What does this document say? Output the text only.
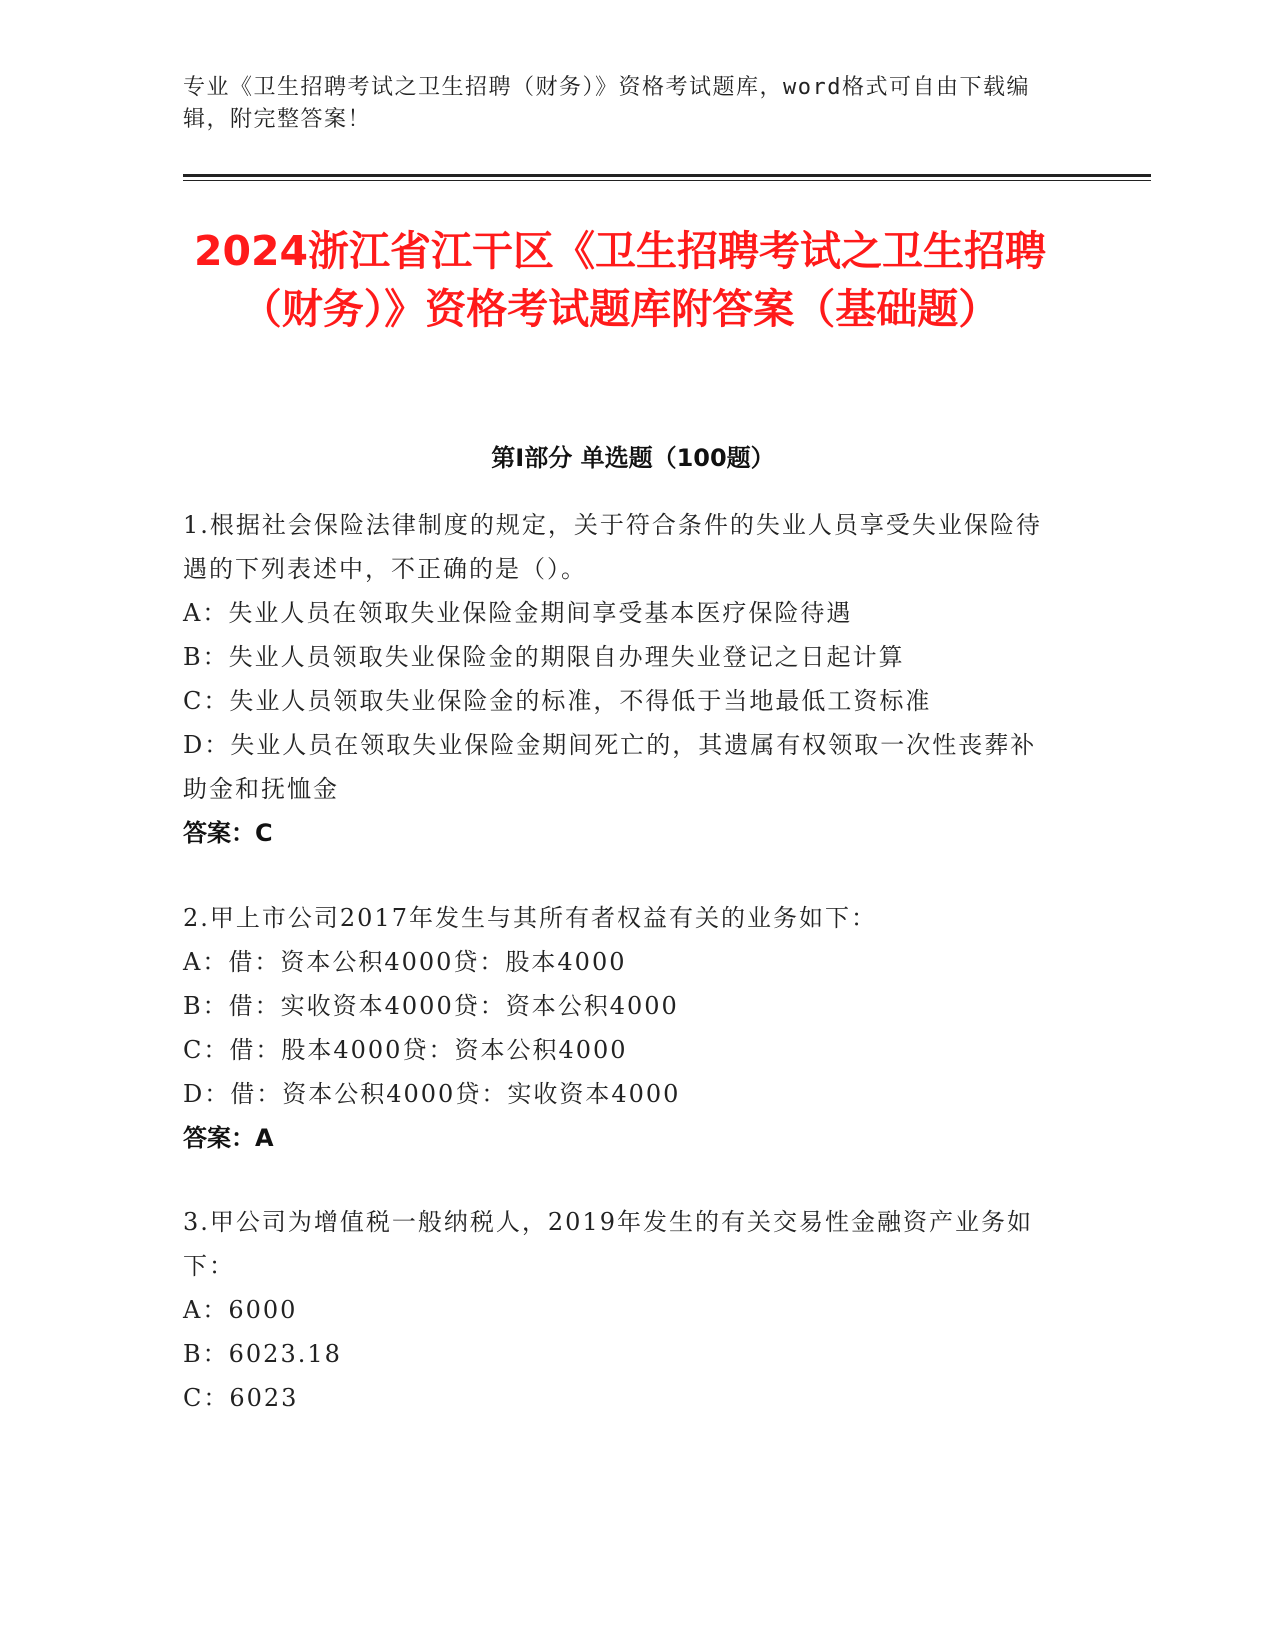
专业《卫生招聘考试之卫生招聘（财务）》资格考试题库，word格式可自由下载编辑，附完整答案！
2024浙江省江干区《卫生招聘考试之卫生招聘（财务）》资格考试题库附答案（基础题）
第I部分 单选题（100题）
1.根据社会保险法律制度的规定，关于符合条件的失业人员享受失业保险待遇的下列表述中，不正确的是（）。
A：失业人员在领取失业保险金期间享受基本医疗保险待遇
B：失业人员领取失业保险金的期限自办理失业登记之日起计算
C：失业人员领取失业保险金的标准，不得低于当地最低工资标准
D：失业人员在领取失业保险金期间死亡的，其遗属有权领取一次性丧葬补助金和抚恤金
答案：C
2.甲上市公司2017年发生与其所有者权益有关的业务如下：
A：借：资本公积4000贷：股本4000
B：借：实收资本4000贷：资本公积4000
C：借：股本4000贷：资本公积4000
D：借：资本公积4000贷：实收资本4000
答案：A
3.甲公司为增值税一般纳税人，2019年发生的有关交易性金融资产业务如下：
A：6000
B：6023.18
C：6023
